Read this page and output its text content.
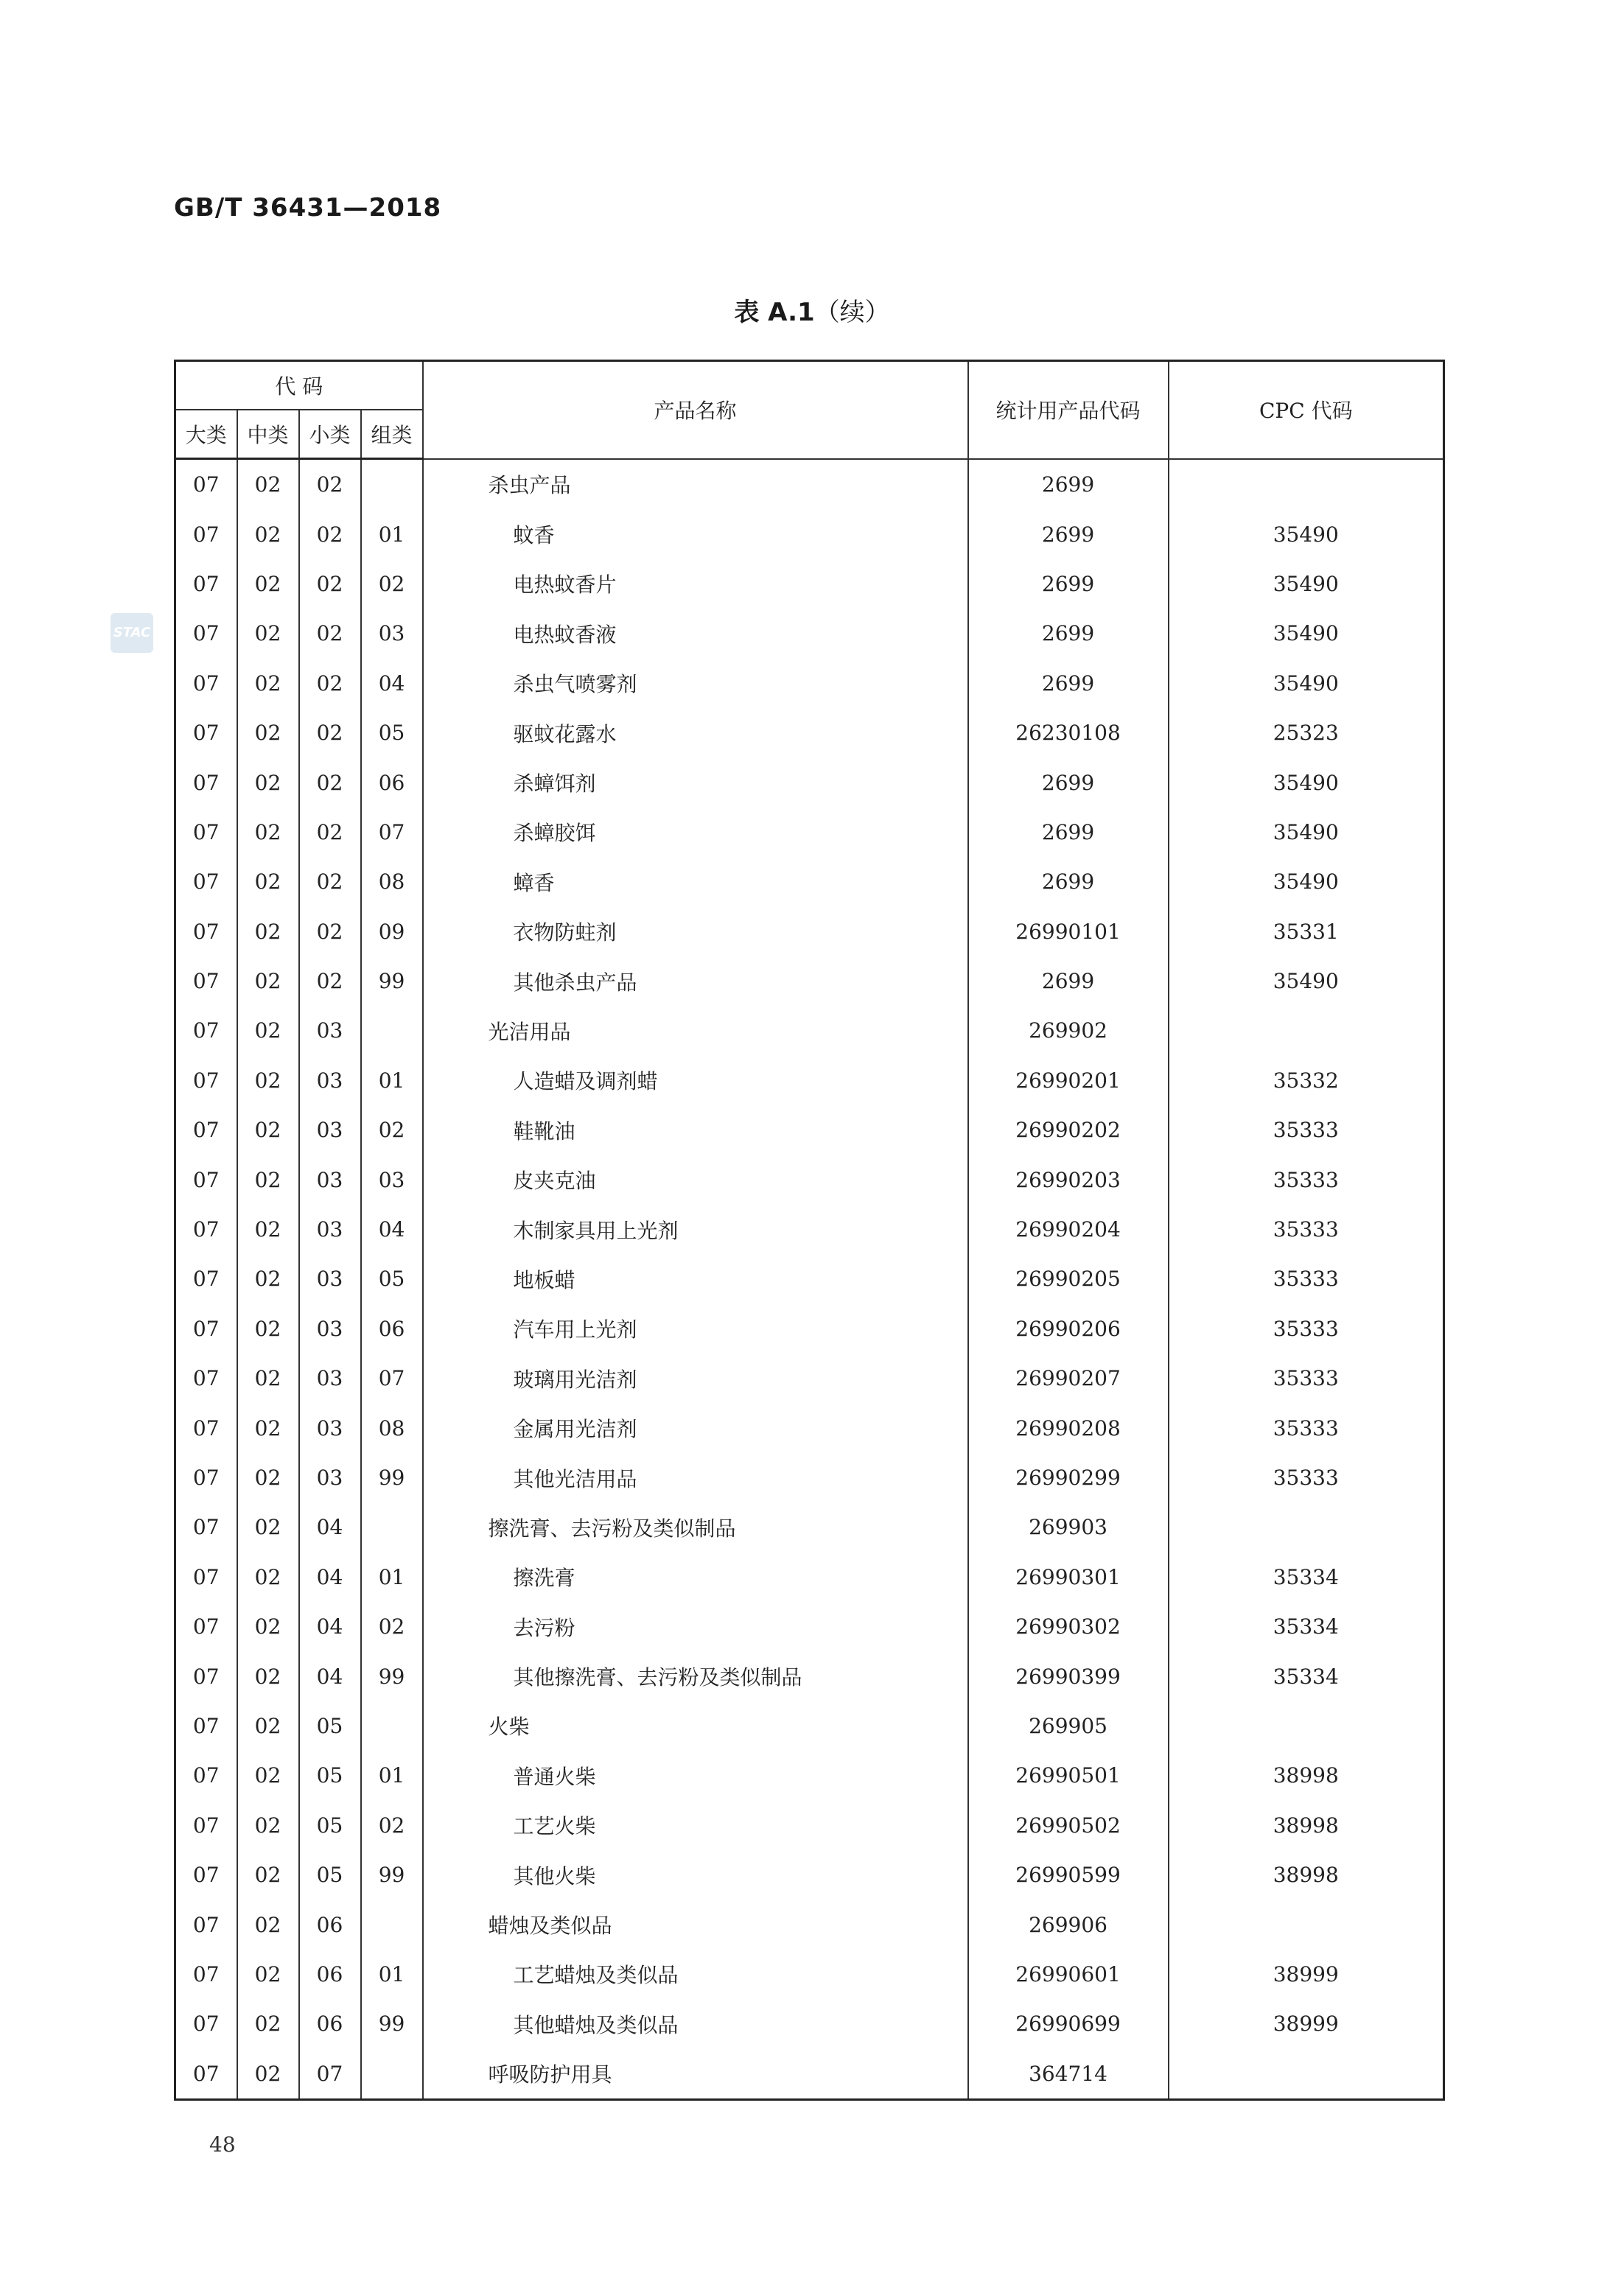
GB/T 36431—2018
STAC
表 A.1（续）
代 码				产品名称	统计用产品代码	CPC 代码
大类	中类	小类	组类			
07	02	02		杀虫产品	2699	
07	02	02	01	蚊香	2699	35490
07	02	02	02	电热蚊香片	2699	35490
07	02	02	03	电热蚊香液	2699	35490
07	02	02	04	杀虫气喷雾剂	2699	35490
07	02	02	05	驱蚊花露水	26230108	25323
07	02	02	06	杀蟑饵剂	2699	35490
07	02	02	07	杀蟑胶饵	2699	35490
07	02	02	08	蟑香	2699	35490
07	02	02	09	衣物防蛀剂	26990101	35331
07	02	02	99	其他杀虫产品	2699	35490
07	02	03		光洁用品	269902	
07	02	03	01	人造蜡及调剂蜡	26990201	35332
07	02	03	02	鞋靴油	26990202	35333
07	02	03	03	皮夹克油	26990203	35333
07	02	03	04	木制家具用上光剂	26990204	35333
07	02	03	05	地板蜡	26990205	35333
07	02	03	06	汽车用上光剂	26990206	35333
07	02	03	07	玻璃用光洁剂	26990207	35333
07	02	03	08	金属用光洁剂	26990208	35333
07	02	03	99	其他光洁用品	26990299	35333
07	02	04		擦洗膏、去污粉及类似制品	269903	
07	02	04	01	擦洗膏	26990301	35334
07	02	04	02	去污粉	26990302	35334
07	02	04	99	其他擦洗膏、去污粉及类似制品	26990399	35334
07	02	05		火柴	269905	
07	02	05	01	普通火柴	26990501	38998
07	02	05	02	工艺火柴	26990502	38998
07	02	05	99	其他火柴	26990599	38998
07	02	06		蜡烛及类似品	269906	
07	02	06	01	工艺蜡烛及类似品	26990601	38999
07	02	06	99	其他蜡烛及类似品	26990699	38999
07	02	07		呼吸防护用具	364714	
48
